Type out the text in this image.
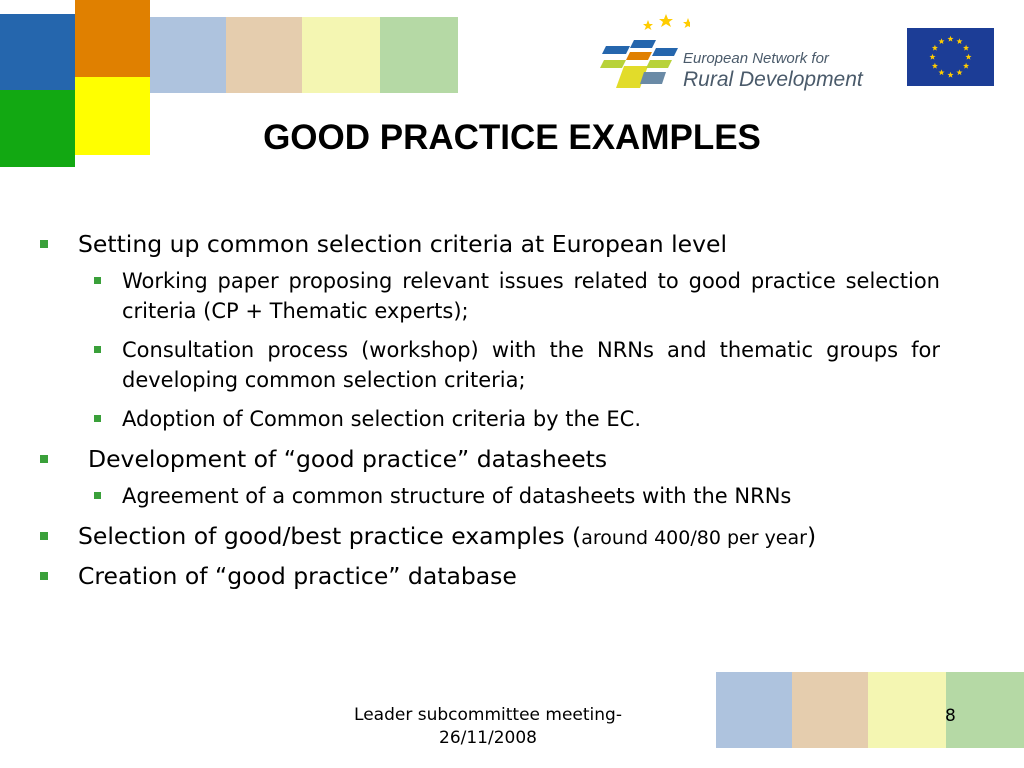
European Network for
Rural Development
GOOD PRACTICE EXAMPLES
Setting up common selection criteria at European level
Working paper proposing relevant issues related to good practice selection criteria (CP + Thematic experts);
Consultation process (workshop) with the NRNs and thematic groups for developing common selection criteria;
Adoption of Common selection criteria by the EC.
Development of “good practice” datasheets
Agreement of a common structure of datasheets with the NRNs
Selection of good/best practice examples (around 400/80 per year)
Creation of “good practice” database
Leader subcommittee meeting-
26/11/2008
8
